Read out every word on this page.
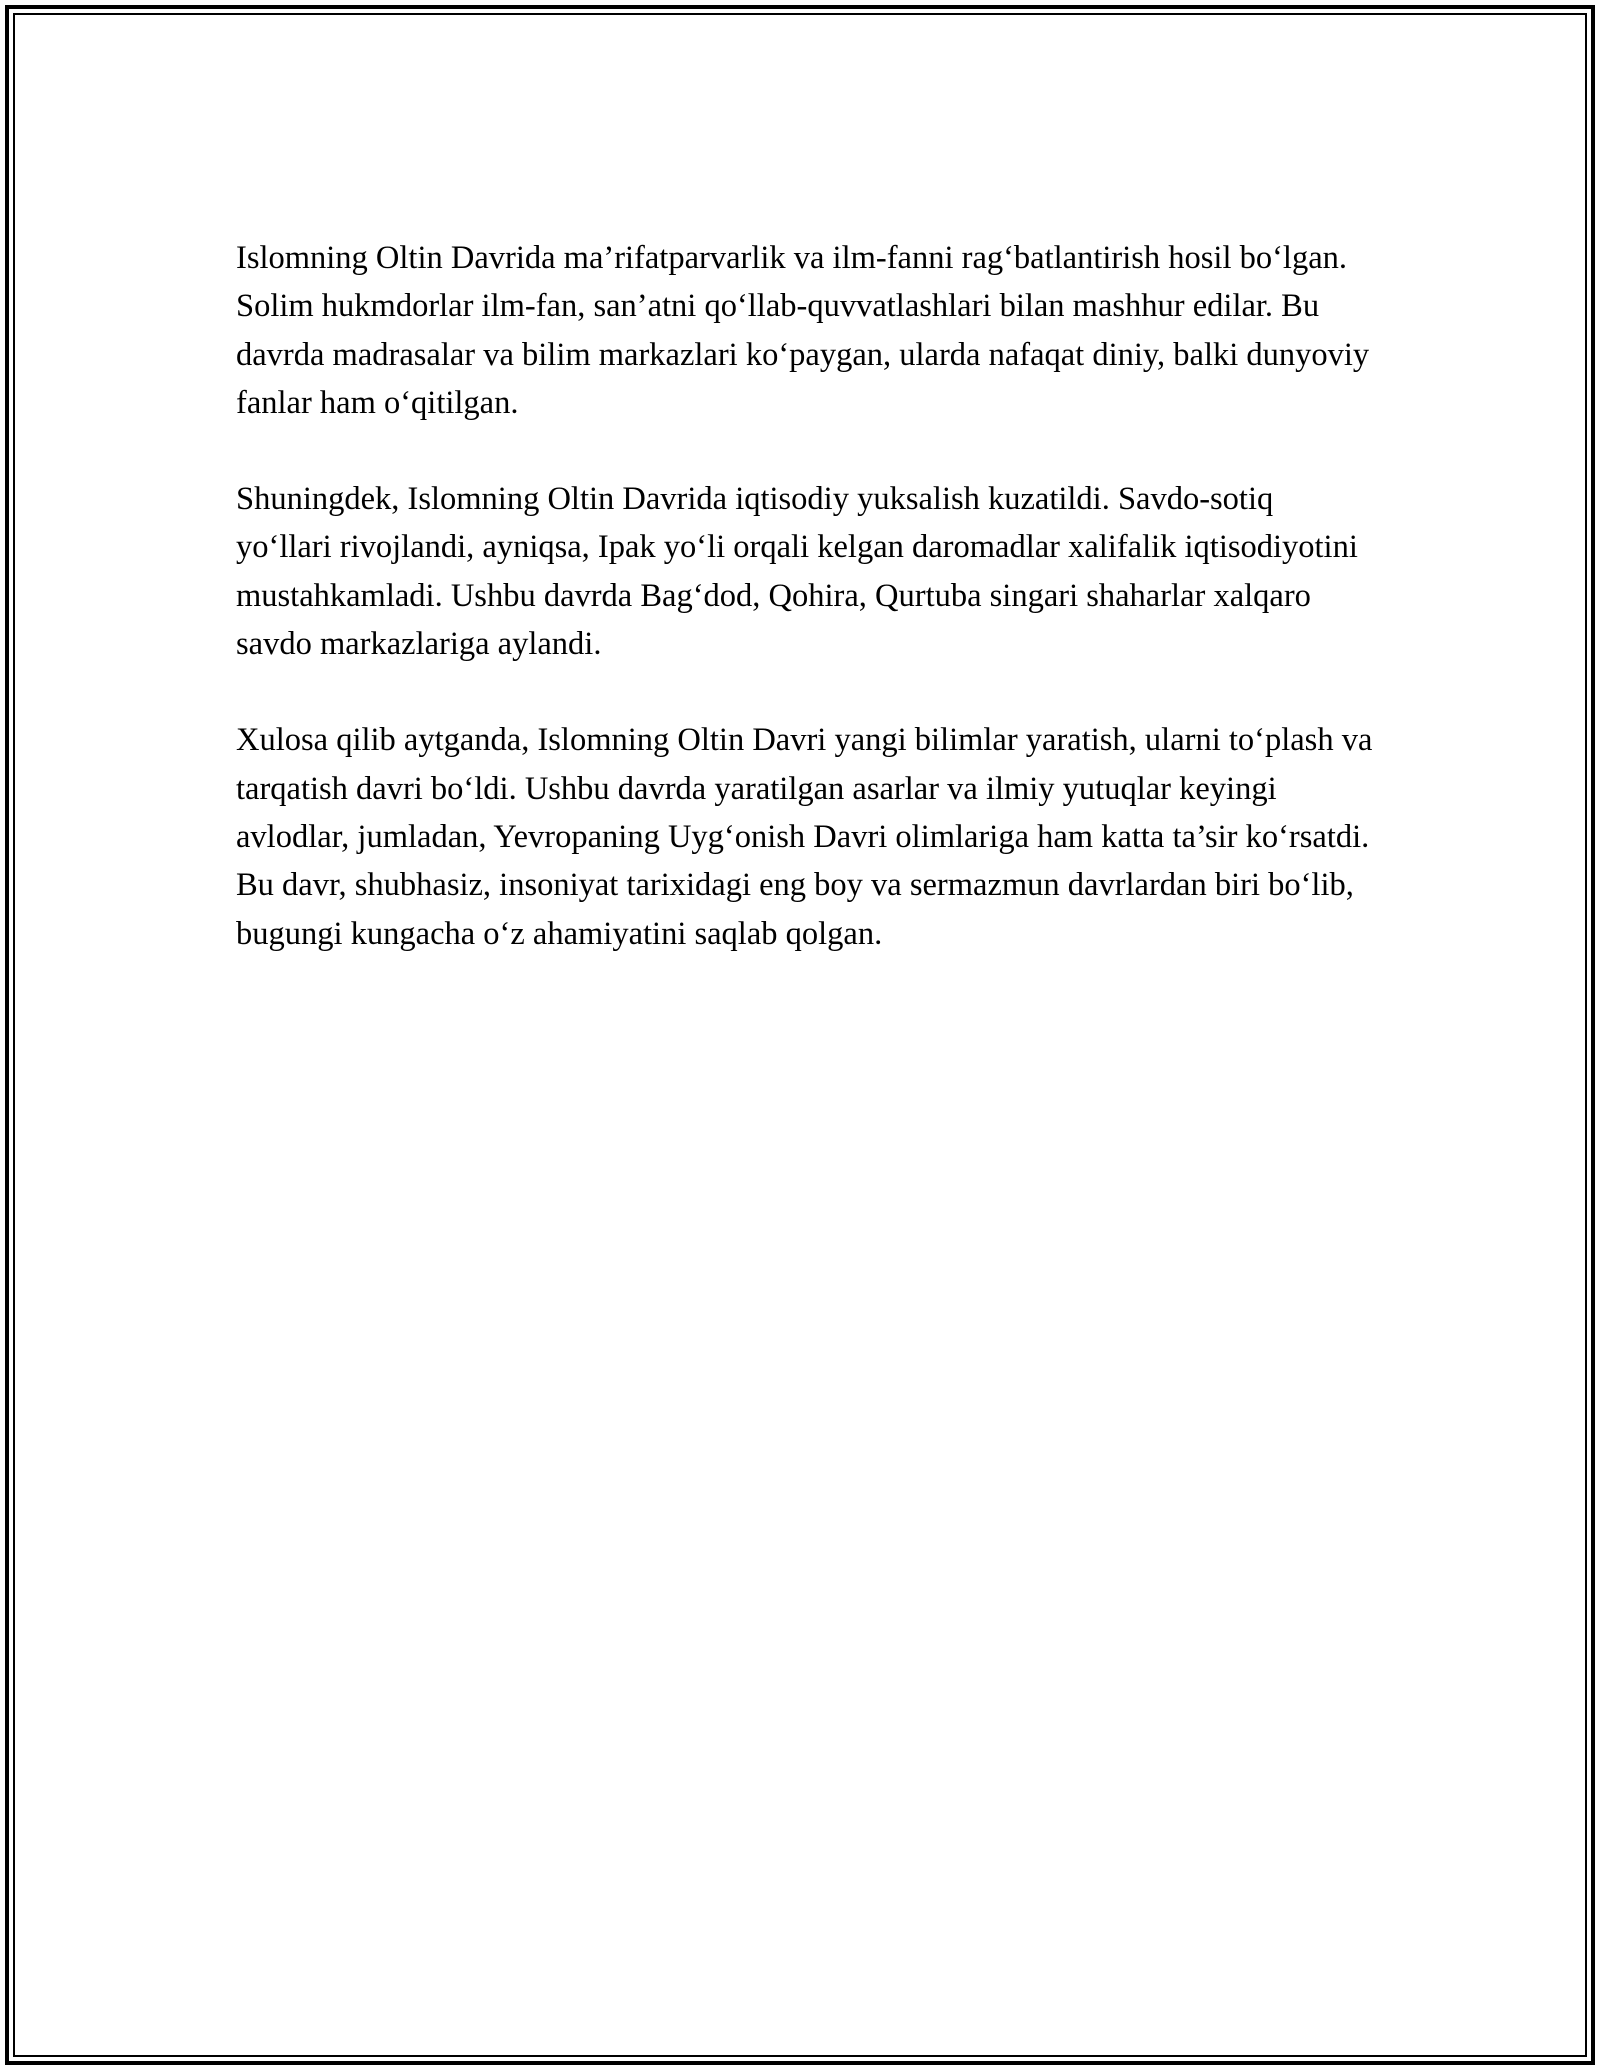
Islomning Oltin Davrida ma’rifatparvarlik va ilm-fanni rag‘batlantirish hosil bo‘lgan. Solim hukmdorlar ilm-fan, san’atni qo‘llab-quvvatlashlari bilan mashhur edilar. Bu davrda madrasalar va bilim markazlari ko‘paygan, ularda nafaqat diniy, balki dunyoviy fanlar ham o‘qitilgan.

Shuningdek, Islomning Oltin Davrida iqtisodiy yuksalish kuzatildi. Savdo-sotiq yo‘llari rivojlandi, ayniqsa, Ipak yo‘li orqali kelgan daromadlar xalifalik iqtisodiyotini mustahkamladi. Ushbu davrda Bag‘dod, Qohira, Qurtuba singari shaharlar xalqaro savdo markazlariga aylandi.

Xulosa qilib aytganda, Islomning Oltin Davri yangi bilimlar yaratish, ularni to‘plash va tarqatish davri bo‘ldi. Ushbu davrda yaratilgan asarlar va ilmiy yutuqlar keyingi avlodlar, jumladan, Yevropaning Uyg‘onish Davri olimlariga ham katta ta’sir ko‘rsatdi. Bu davr, shubhasiz, insoniyat tarixidagi eng boy va sermazmun davrlardan biri bo‘lib, bugungi kungacha o‘z ahamiyatini saqlab qolgan.
